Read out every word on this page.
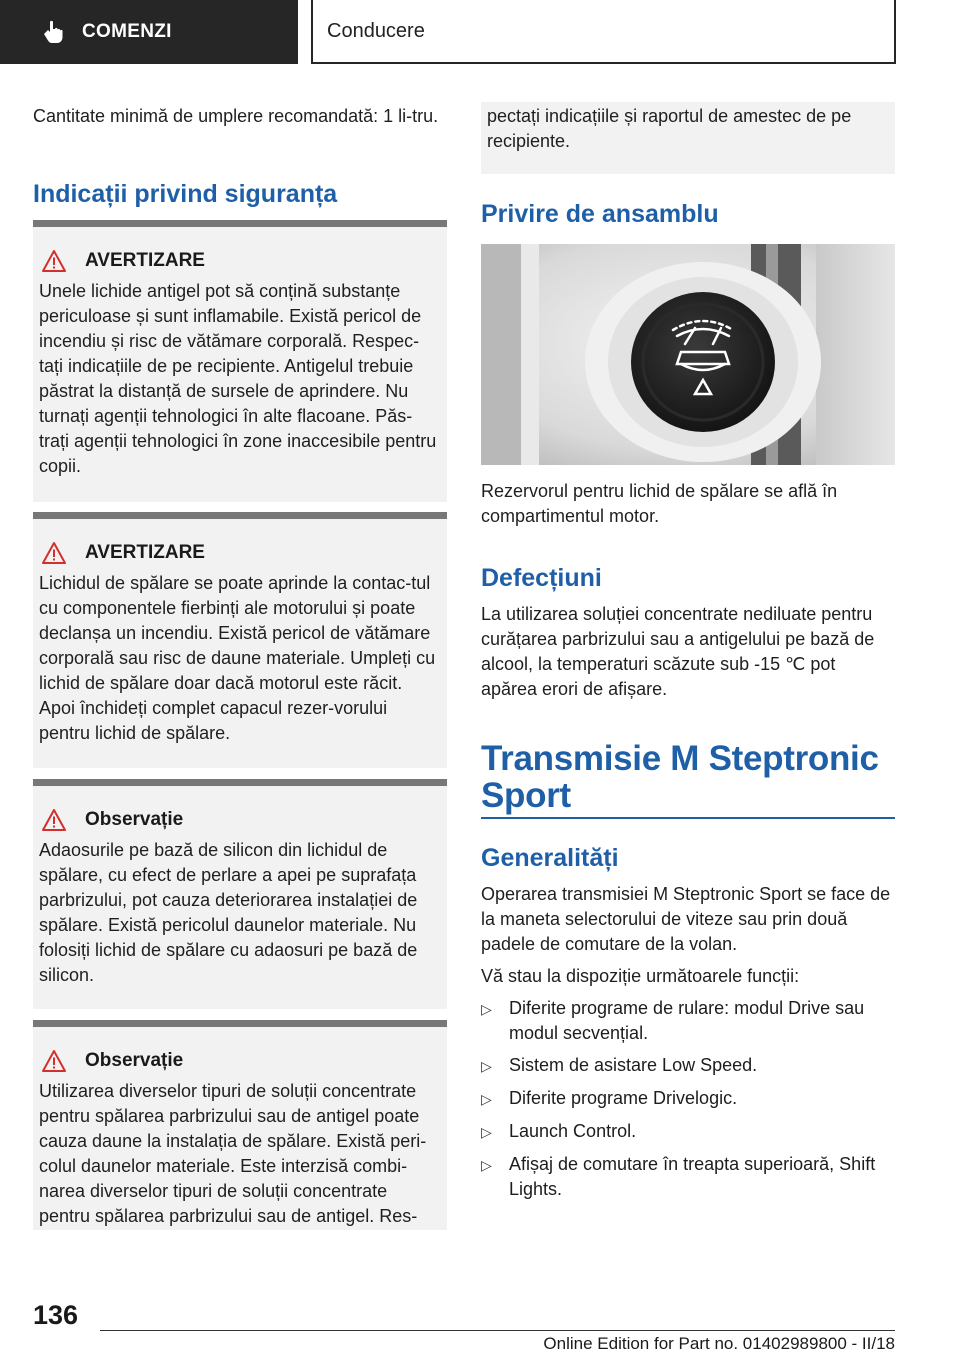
COMENZI	Conducere

Cantitate minimă de umplere recomandată: 1 li‐tru.

Indicații privind siguranța
AVERTIZARE

Unele lichide antigel pot să conțină substanțe periculoase și sunt inflamabile. Există pericol de incendiu și risc de vătămare corporală. Respec‐tați indicațiile de pe recipiente. Antigelul trebuie păstrat la distanță de sursele de aprindere. Nu turnați agenții tehnologici în alte flacoane. Păs‐trați agenții tehnologici în zone inaccesibile pentru copii.

AVERTIZARE

Lichidul de spălare se poate aprinde la contac‐tul cu componentele fierbinți ale motorului și poate declanșa un incendiu. Există pericol de vătămare corporală sau risc de daune materiale. Umpleți cu lichid de spălare doar dacă motorul este răcit. Apoi închideți complet capacul rezer‐vorului pentru lichid de spălare.

Observație

Adaosurile pe bază de silicon din lichidul de spălare, cu efect de perlare a apei pe suprafața parbrizului, pot cauza deteriorarea instalației de spălare. Există pericolul daunelor materiale. Nu folosiți lichid de spălare cu adaosuri pe bază de silicon.

Observație

Utilizarea diverselor tipuri de soluții concentrate pentru spălarea parbrizului sau de antigel poate cauza daune la instalația de spălare. Există peri‐colul daunelor materiale. Este interzisă combi‐narea diverselor tipuri de soluții concentrate pentru spălarea parbrizului sau de antigel. Res‐

pectați indicațiile și raportul de amestec de pe recipiente.

Privire de ansamblu

Rezervorul pentru lichid de spălare se află în compartimentul motor.

Defecțiuni

La utilizarea soluției concentrate nediluate pentru curățarea parbrizului sau a antigelului pe bază de alcool, la temperaturi scăzute sub -15 ℃ pot apărea erori de afișare.

Transmisie M Steptronic
Sport
Generalități

Operarea transmisiei M Steptronic Sport se face de la maneta selectorului de viteze sau prin două padele de comutare de la volan.

Vă stau la dispoziție următoarele funcții:

▷ Diferite programe de rulare: modul Drive sau modul secvențial.
▷ Sistem de asistare Low Speed.
▷ Diferite programe Drivelogic.
▷ Launch Control.
▷ Afișaj de comutare în treapta superioară, Shift Lights.
136
Online Edition for Part no. 01402989800 - II/18
